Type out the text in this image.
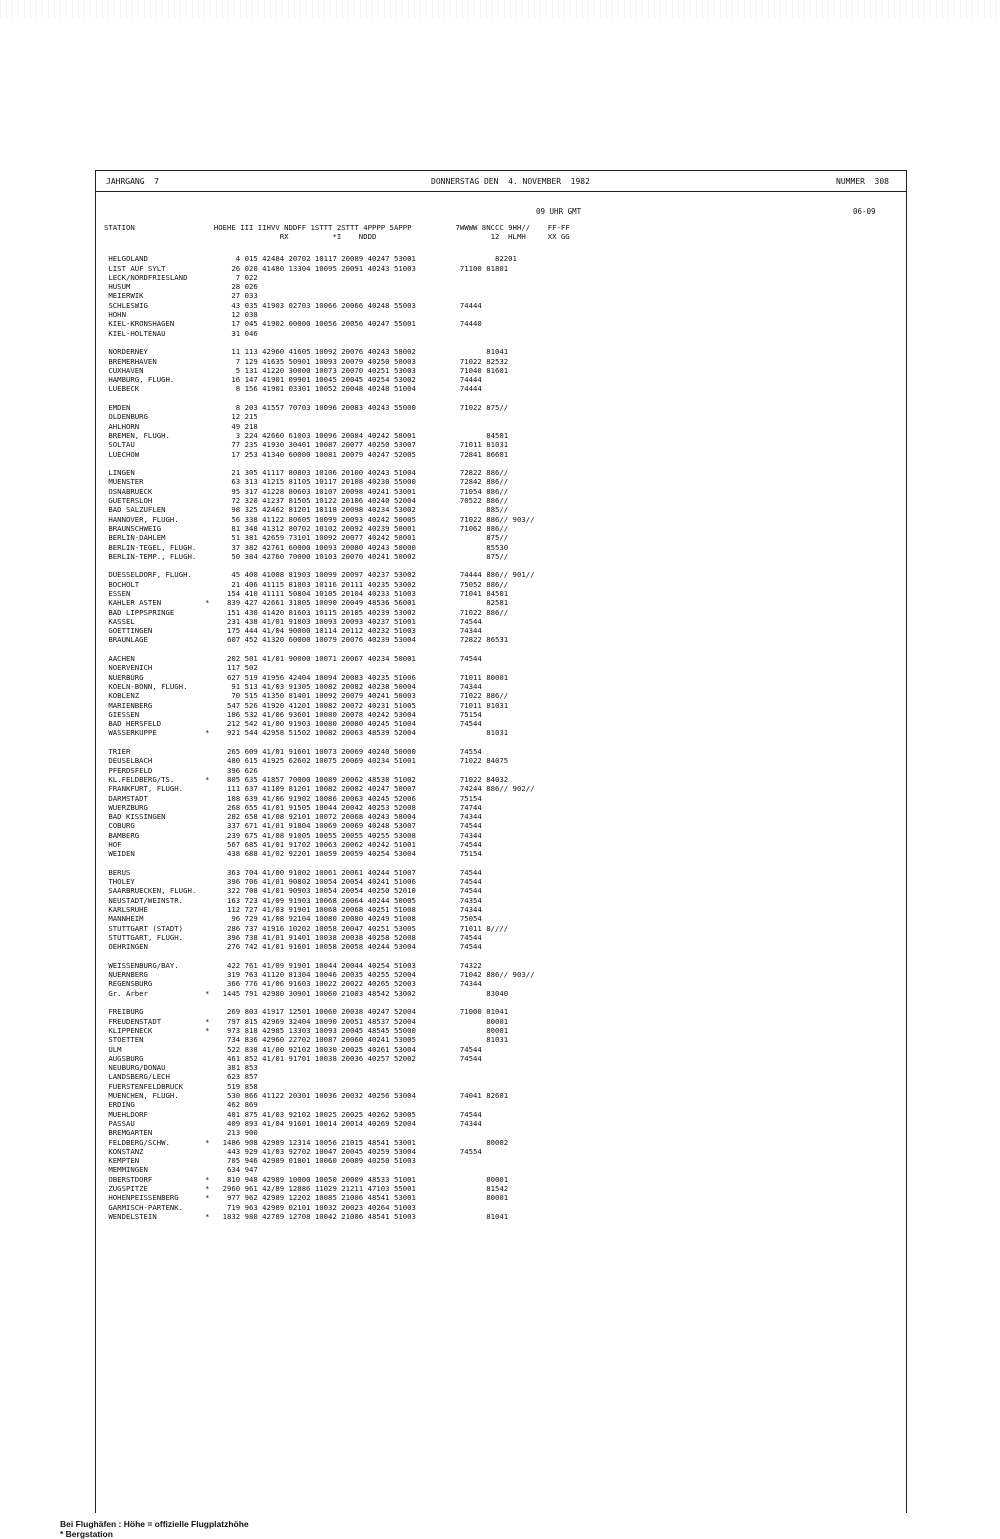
JAHRGANG  7	DONNERSTAG DEN  4. NOVEMBER  1982	NUMMER  308
09 UHR GMT	06-09
STATION                  HOEHE III IIHVV NDDFF 1STTT 2STTT 4PPPP 5APPP          7WWWW 8NCCC 9HH//    FF-FF
RX          *I    NDDD                          12  HLMH     XX GG

HELGOLAND                    4 015 42484 20702 10117 20089 40247 53001                  82201
LIST AUF SYLT               26 020 41480 13304 10095 20091 40243 51003          71100 81801
LECK/NORDFRIESLAND           7 022
HUSUM                       28 026
MEIERWIK                    27 033
SCHLESWIG                   43 035 41903 02703 10066 20066 40248 55003          74444
HOHN                        12 038
KIEL-KRONSHAGEN             17 045 41902 00000 10056 20056 40247 55001          74440
KIEL-HOLTENAU               31 046

NORDERNEY                   11 113 42960 41605 10092 20076 40243 58002                81041
BREMERHAVEN                  7 129 41635 50901 10093 20079 40250 50003          71022 82532
CUXHAVEN                     5 131 41220 30000 10073 20070 40251 53003          71040 81601
HAMBURG, FLUGH.             16 147 41901 09901 10045 20045 40254 53002          74444
LUEBECK                      8 156 41901 03301 10052 20048 40248 51004          74444

EMDEN                        8 203 41557 70703 10096 20083 40243 55000          71022 875//
OLDENBURG                   12 215
AHLHORN                     49 218
BREMEN, FLUGH.               3 224 42660 61003 10096 20084 40242 58001                84501
SOLTAU                      77 235 41930 30401 10087 20077 40250 53007          71011 81031
LUECHOW                     17 253 41340 60000 10081 20079 40247 52005          72841 86601

LINGEN                      21 305 41117 80803 10106 20100 40243 51004          72822 886//
MUENSTER                    63 313 41215 81105 10117 20108 40230 55000          72842 886//
OSNABRUECK                  95 317 41228 80603 10107 20098 40241 53001          71054 886//
GUETERSLOH                  72 320 41237 81505 10122 20106 40240 52004          70522 886//
BAD SALZUFLEN               98 325 42462 81201 10118 20098 40234 53002                885//
HANNOVER, FLUGH.            56 338 41122 80605 10099 20093 40242 50005          71022 886// 903//
BRAUNSCHWEIG                81 348 41312 80702 10102 20092 40239 50001          71062 886//
BERLIN-DAHLEM               51 381 42659 73101 10092 20077 40242 50001                875//
BERLIN-TEGEL, FLUGH.        37 382 42761 60000 10093 20080 40243 50000                85530
BERLIN-TEMP., FLUGH.        50 384 42760 70000 10103 20070 40241 50002                875//

DUESSELDORF, FLUGH.         45 400 41008 81903 10099 20097 40237 53002          74444 886// 901//
BOCHOLT                     21 406 41115 81003 10116 20111 40235 53002          75052 886//
ESSEN                      154 410 41111 50804 10105 20104 40233 51003          71041 84501
KAHLER ASTEN          *    839 427 42661 31805 10090 20049 48536 56001                82581
BAD LIPPSPRINGE            151 430 41420 81603 10115 20105 40239 53002          71022 886//
KASSEL                     231 438 41/01 91803 10093 20093 40237 51001          74544
GOETTINGEN                 175 444 41/04 90000 10114 20112 40232 51003          74344
BRAUNLAGE                  607 452 41320 60000 10079 20076 40239 53004          72822 86531

AACHEN                     202 501 41/01 90000 10071 20067 40234 50001          74544
NOERVENICH                 117 502
NUERBURG                   627 519 41956 42404 10094 20083 40235 51006          71011 80001
KOELN-BONN, FLUGH.          91 513 41/03 91305 10082 20082 40238 50004          74344
KOBLENZ                     70 515 41350 81401 10092 20079 40241 50003          71022 886//
MARIENBERG                 547 526 41920 41201 10082 20072 40231 51005          71011 81031
GIESSEN                    186 532 41/06 93601 10080 20078 40242 53004          75154
BAD HERSFELD               212 542 41/00 91903 10080 20080 40245 51004          74544
WASSERKUPPE           *    921 544 42958 51502 10082 20063 48539 52004                81031

TRIER                      265 609 41/01 91601 10073 20069 40240 50000          74554
DEUSELBACH                 480 615 41925 62602 10075 20069 40234 51001          71022 84075
PFERDSFELD                 396 626
KL.FELDBERG/TS.       *    805 635 41857 70000 10089 20062 48538 51002          71022 84032
FRANKFURT, FLUGH.          111 637 41109 81201 10082 20082 40247 50007          74244 886// 902//
DARMSTADT                  108 639 41/06 91902 10086 20063 40245 52006          75154
WUERZBURG                  268 655 41/01 91505 10044 20042 40253 52008          74744
BAD KISSINGEN              282 658 41/08 92101 10072 20068 40243 58004          74344
COBURG                     337 671 41/01 91804 10069 20069 40248 53007          74544
BAMBERG                    239 675 41/08 91005 10055 20055 40255 53008          74344
HOF                        567 685 41/01 91702 10063 20062 40242 51001          74544
WEIDEN                     438 688 41/02 92201 10059 20059 40254 53004          75154

BERUS                      363 704 41/00 91002 10061 20061 40244 51007          74544
THOLEY                     396 706 41/01 90802 10054 20054 40241 51006          74544
SAARBRUECKEN, FLUGH.       322 708 41/01 90903 10054 20054 40250 52010          74544
NEUSTADT/WEINSTR.          163 723 41/09 91903 10068 20064 40244 50005          74354
KARLSRUHE                  112 727 41/03 91901 10068 20068 40251 51008          74344
MANNHEIM                    96 729 41/08 92104 10080 20080 40249 51008          75054
STUTTGART (STADT)          286 737 41916 10202 10058 20047 40251 53005          71011 8////
STUTTGART, FLUGH.          396 738 41/01 91401 10038 20038 40258 52008          74544
OEHRINGEN                  276 742 41/01 91601 10058 20058 40244 53004          74544

WEISSENBURG/BAY.           422 761 41/09 91901 10044 20044 40254 51003          74322
NUERNBERG                  319 763 41120 81304 10046 20035 40255 52004          71042 886// 903//
REGENSBURG                 366 776 41/06 91603 10022 20022 40265 52003          74344
Gr. Arber             *   1445 791 42980 30901 10060 21003 48542 53002                83040

FREIBURG                   269 803 41917 12501 10060 20038 40247 52004          71000 81041
FREUDENSTADT          *    797 815 42969 32404 10090 20051 48537 52004                80001
KLIPPENECK            *    973 818 42985 13303 10093 20045 48545 55000                80001
STOETTEN                   734 836 42960 22702 10087 20060 40241 53005                81031
ULM                        522 838 41/00 92102 10030 20025 40261 53004          74544
AUGSBURG                   461 852 41/01 91701 10038 20036 40257 52002          74544
NEUBURG/DONAU              381 853
LANDSBERG/LECH             623 857
FUERSTENFELDBRUCK          519 858
MUENCHEN, FLUGH.           530 866 41122 20301 10036 20032 40256 53004          74041 82601
ERDING                     462 869
MUEHLDORF                  401 875 41/03 92102 10025 20025 40262 53005          74544
PASSAU                     409 893 41/04 91601 10014 20014 40269 52004          74344
BREMGARTEN                 213 900
FELDBERG/SCHW.        *   1486 908 42989 12314 10056 21015 48541 53001                80002
KONSTANZ                   443 929 41/03 92702 10047 20045 40259 53004          74554
KEMPTEN                    705 946 42989 01801 10060 20009 40250 51003
MEMMINGEN                  634 947
OBERSTDORF            *    810 948 42989 10000 10050 20009 48533 51001                80001
ZUGSPITZE             *   2960 961 42/89 12886 11029 21211 47103 55001                81542
HOHENPEISSENBERG      *    977 962 42989 12202 10085 21006 48541 53001                80001
GARMISCH-PARTENK.          719 963 42989 02101 10032 20023 40264 51003
WENDELSTEIN           *   1832 980 42789 12708 10042 21006 48541 51003                81041
Bei Flughäfen : Höhe = offizielle Flugplatzhöhe
* Bergstation
